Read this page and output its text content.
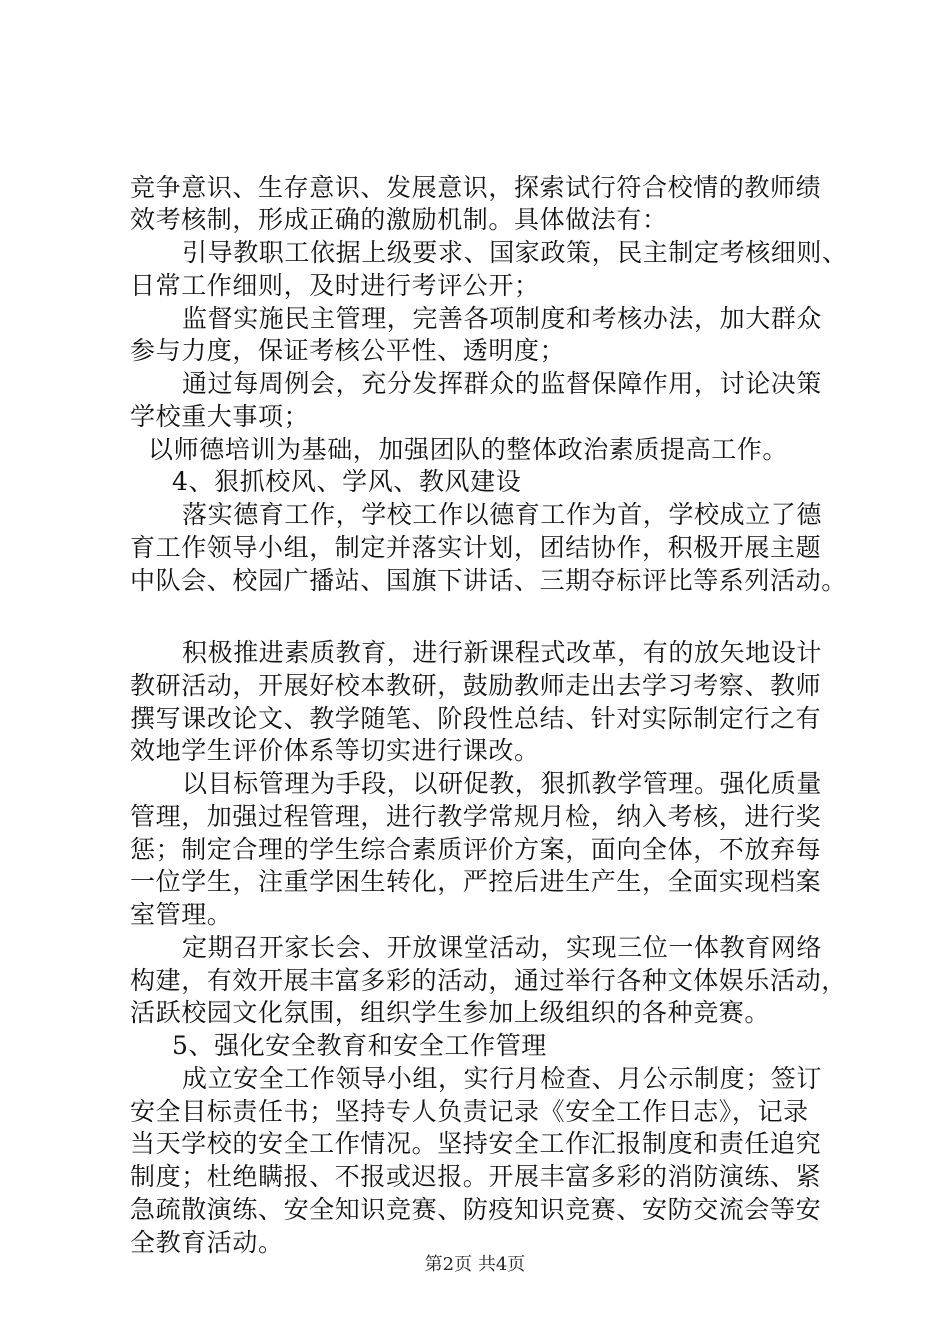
竞争意识、生存意识、发展意识，探索试行符合校情的教师绩
效考核制，形成正确的激励机制。具体做法有：
引导教职工依据上级要求、国家政策，民主制定考核细则、
日常工作细则，及时进行考评公开；
监督实施民主管理，完善各项制度和考核办法，加大群众
参与力度，保证考核公平性、透明度；
通过每周例会，充分发挥群众的监督保障作用，讨论决策
学校重大事项；
以师德培训为基础，加强团队的整体政治素质提高工作。
4、狠抓校风、学风、教风建设
落实德育工作，学校工作以德育工作为首，学校成立了德
育工作领导小组，制定并落实计划，团结协作，积极开展主题
中队会、校园广播站、国旗下讲话、三期夺标评比等系列活动。
积极推进素质教育，进行新课程式改革，有的放矢地设计
教研活动，开展好校本教研，鼓励教师走出去学习考察、教师
撰写课改论文、教学随笔、阶段性总结、针对实际制定行之有
效地学生评价体系等切实进行课改。
以目标管理为手段，以研促教，狠抓教学管理。强化质量
管理，加强过程管理，进行教学常规月检，纳入考核，进行奖
惩；制定合理的学生综合素质评价方案，面向全体，不放弃每
一位学生，注重学困生转化，严控后进生产生，全面实现档案
室管理。
定期召开家长会、开放课堂活动，实现三位一体教育网络
构建，有效开展丰富多彩的活动，通过举行各种文体娱乐活动，
活跃校园文化氛围，组织学生参加上级组织的各种竞赛。
5、强化安全教育和安全工作管理
成立安全工作领导小组，实行月检查、月公示制度；签订
安全目标责任书；坚持专人负责记录《安全工作日志》，记录
当天学校的安全工作情况。坚持安全工作汇报制度和责任追究
制度；杜绝瞒报、不报或迟报。开展丰富多彩的消防演练、紧
急疏散演练、安全知识竞赛、防疫知识竞赛、安防交流会等安
全教育活动。
第2页 共4页
